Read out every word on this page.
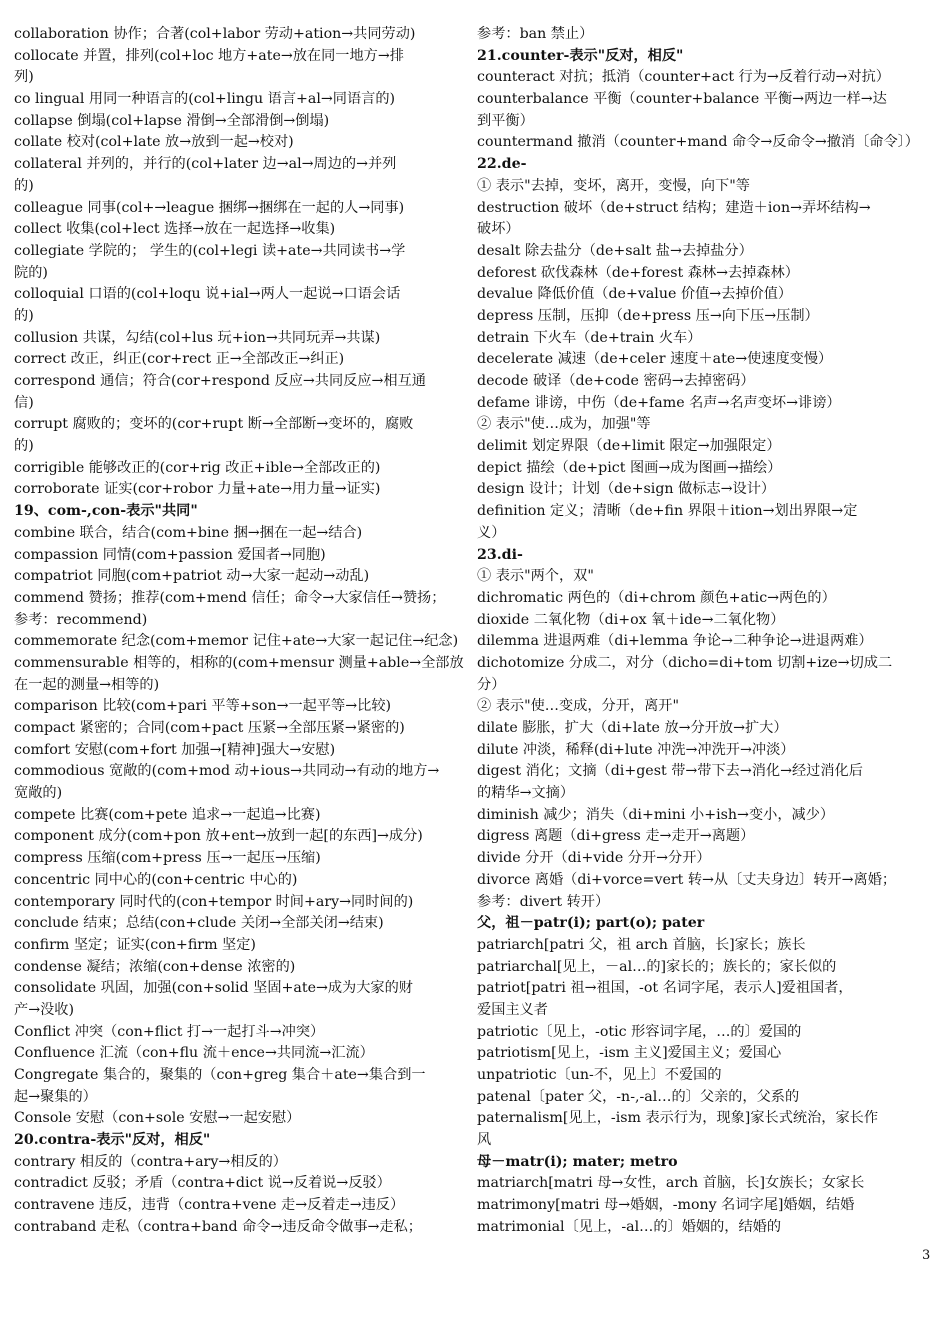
collaboration 协作；合著(col+labor 劳动+ation→共同劳动)
collocate 并置，排列(col+loc 地方+ate→放在同一地方→排
列)
co lingual 用同一种语言的(col+lingu 语言+al→同语言的)
collapse 倒塌(col+lapse 滑倒→全部滑倒→倒塌)
collate 校对(col+late 放→放到一起→校对)
collateral 并列的，并行的(col+later 边→al→周边的→并列
的)
colleague 同事(col+→league 捆绑→捆绑在一起的人→同事)
collect 收集(col+lect 选择→放在一起选择→收集)
collegiate 学院的； 学生的(col+legi 读+ate→共同读书→学
院的)
colloquial 口语的(col+loqu 说+ial→两人一起说→口语会话
的)
collusion 共谋，勾结(col+lus 玩+ion→共同玩弄→共谋)
correct 改正，纠正(cor+rect 正→全部改正→纠正)
correspond 通信；符合(cor+respond 反应→共同反应→相互通
信)
corrupt 腐败的；变坏的(cor+rupt 断→全部断→变坏的，腐败
的)
corrigible 能够改正的(cor+rig 改正+ible→全部改正的)
corroborate 证实(cor+robor 力量+ate→用力量→证实)
19、com-,con-表示"共同"
combine 联合，结合(com+bine 捆→捆在一起→结合)
compassion 同情(com+passion 爱国者→同胞)
compatriot 同胞(com+patriot 动→大家一起动→动乱)
commend 赞扬；推荐(com+mend 信任；命令→大家信任→赞扬；
参考：recommend)
commemorate 纪念(com+memor 记住+ate→大家一起记住→纪念)
commensurable 相等的，相称的(com+mensur 测量+able→全部放
在一起的测量→相等的)
comparison 比较(com+pari 平等+son→一起平等→比较)
compact 紧密的；合同(com+pact 压紧→全部压紧→紧密的)
comfort 安慰(com+fort 加强→[精神]强大→安慰)
commodious 宽敞的(com+mod 动+ious→共同动→有动的地方→
宽敞的)
compete 比赛(com+pete 追求→一起追→比赛)
component 成分(com+pon 放+ent→放到一起[的东西]→成分)
compress 压缩(com+press 压→一起压→压缩)
concentric 同中心的(con+centric 中心的)
contemporary 同时代的(con+tempor 时间+ary→同时间的)
conclude 结束；总结(con+clude 关闭→全部关闭→结束)
confirm 坚定；证实(con+firm 坚定)
condense 凝结；浓缩(con+dense 浓密的)
consolidate 巩固，加强(con+solid 坚固+ate→成为大家的财
产→没收)
Conflict 冲突（con+flict 打→一起打斗→冲突）
Confluence 汇流（con+flu 流＋ence→共同流→汇流）
Congregate 集合的，聚集的（con+greg 集合＋ate→集合到一
起→聚集的）
Console 安慰（con+sole 安慰→一起安慰）
20.contra-表示"反对，相反"
contrary 相反的（contra+ary→相反的）
contradict 反驳；矛盾（contra+dict 说→反着说→反驳）
contravene 违反，违背（contra+vene 走→反着走→违反）
contraband 走私（contra+band 命令→违反命令做事→走私；
参考：ban 禁止）
21.counter-表示"反对，相反"
counteract 对抗；抵消（counter+act 行为→反着行动→对抗）
counterbalance 平衡（counter+balance 平衡→两边一样→达
到平衡）
countermand 撤消（counter+mand 命令→反命令→撤消〔命令〕）
22.de-
① 表示"去掉，变坏，离开，变慢，向下"等
destruction 破坏（de+struct 结构；建造＋ion→弄坏结构→
破坏）
desalt 除去盐分（de+salt 盐→去掉盐分）
deforest 砍伐森林（de+forest 森林→去掉森林）
devalue 降低价值（de+value 价值→去掉价值）
depress 压制，压抑（de+press 压→向下压→压制）
detrain 下火车（de+train 火车）
decelerate 减速（de+celer 速度＋ate→使速度变慢）
decode 破译（de+code 密码→去掉密码）
defame 诽谤，中伤（de+fame 名声→名声变坏→诽谤）
② 表示"使…成为，加强"等
delimit 划定界限（de+limit 限定→加强限定）
depict 描绘（de+pict 图画→成为图画→描绘）
design 设计；计划（de+sign 做标志→设计）
definition 定义；清晰（de+fin 界限＋ition→划出界限→定
义）
23.di-
① 表示"两个，双"
dichromatic 两色的（di+chrom 颜色+atic→两色的）
dioxide 二氧化物（di+ox 氧＋ide→二氧化物）
dilemma 进退两难（di+lemma 争论→二种争论→进退两难）
dichotomize 分成二，对分（dicho=di+tom 切割+ize→切成二
分）
② 表示"使…变成，分开，离开"
dilate 膨胀，扩大（di+late 放→分开放→扩大）
dilute 冲淡，稀释(di+lute 冲洗→冲洗开→冲淡）
digest 消化；文摘（di+gest 带→带下去→消化→经过消化后
的精华→文摘）
diminish 减少；消失（di+mini 小+ish→变小，减少）
digress 离题（di+gress 走→走开→离题）
divide 分开（di+vide 分开→分开）
divorce 离婚（di+vorce=vert 转→从〔丈夫身边〕转开→离婚；
参考：divert 转开）
父，祖－patr(i); part(o); pater
patriarch[patri 父，祖 arch 首脑，长]家长；族长
patriarchal[见上，－al…的]家长的；族长的；家长似的
patriot[patri 祖→祖国，-ot 名词字尾，表示人]爱祖国者，
爱国主义者
patriotic〔见上，-otic 形容词字尾，…的〕爱国的
patriotism[见上，-ism 主义]爱国主义；爱国心
unpatriotic〔un-不，见上〕不爱国的
patenal〔pater 父，-n-,-al…的〕父亲的，父系的
paternalism[见上，-ism 表示行为，现象]家长式统治，家长作
风
母－matr(i); mater; metro
matriarch[matri 母→女性，arch 首脑，长]女族长；女家长
matrimony[matri 母→婚姻，-mony 名词字尾]婚姻，结婚
matrimonial〔见上，-al…的〕婚姻的，结婚的
3
